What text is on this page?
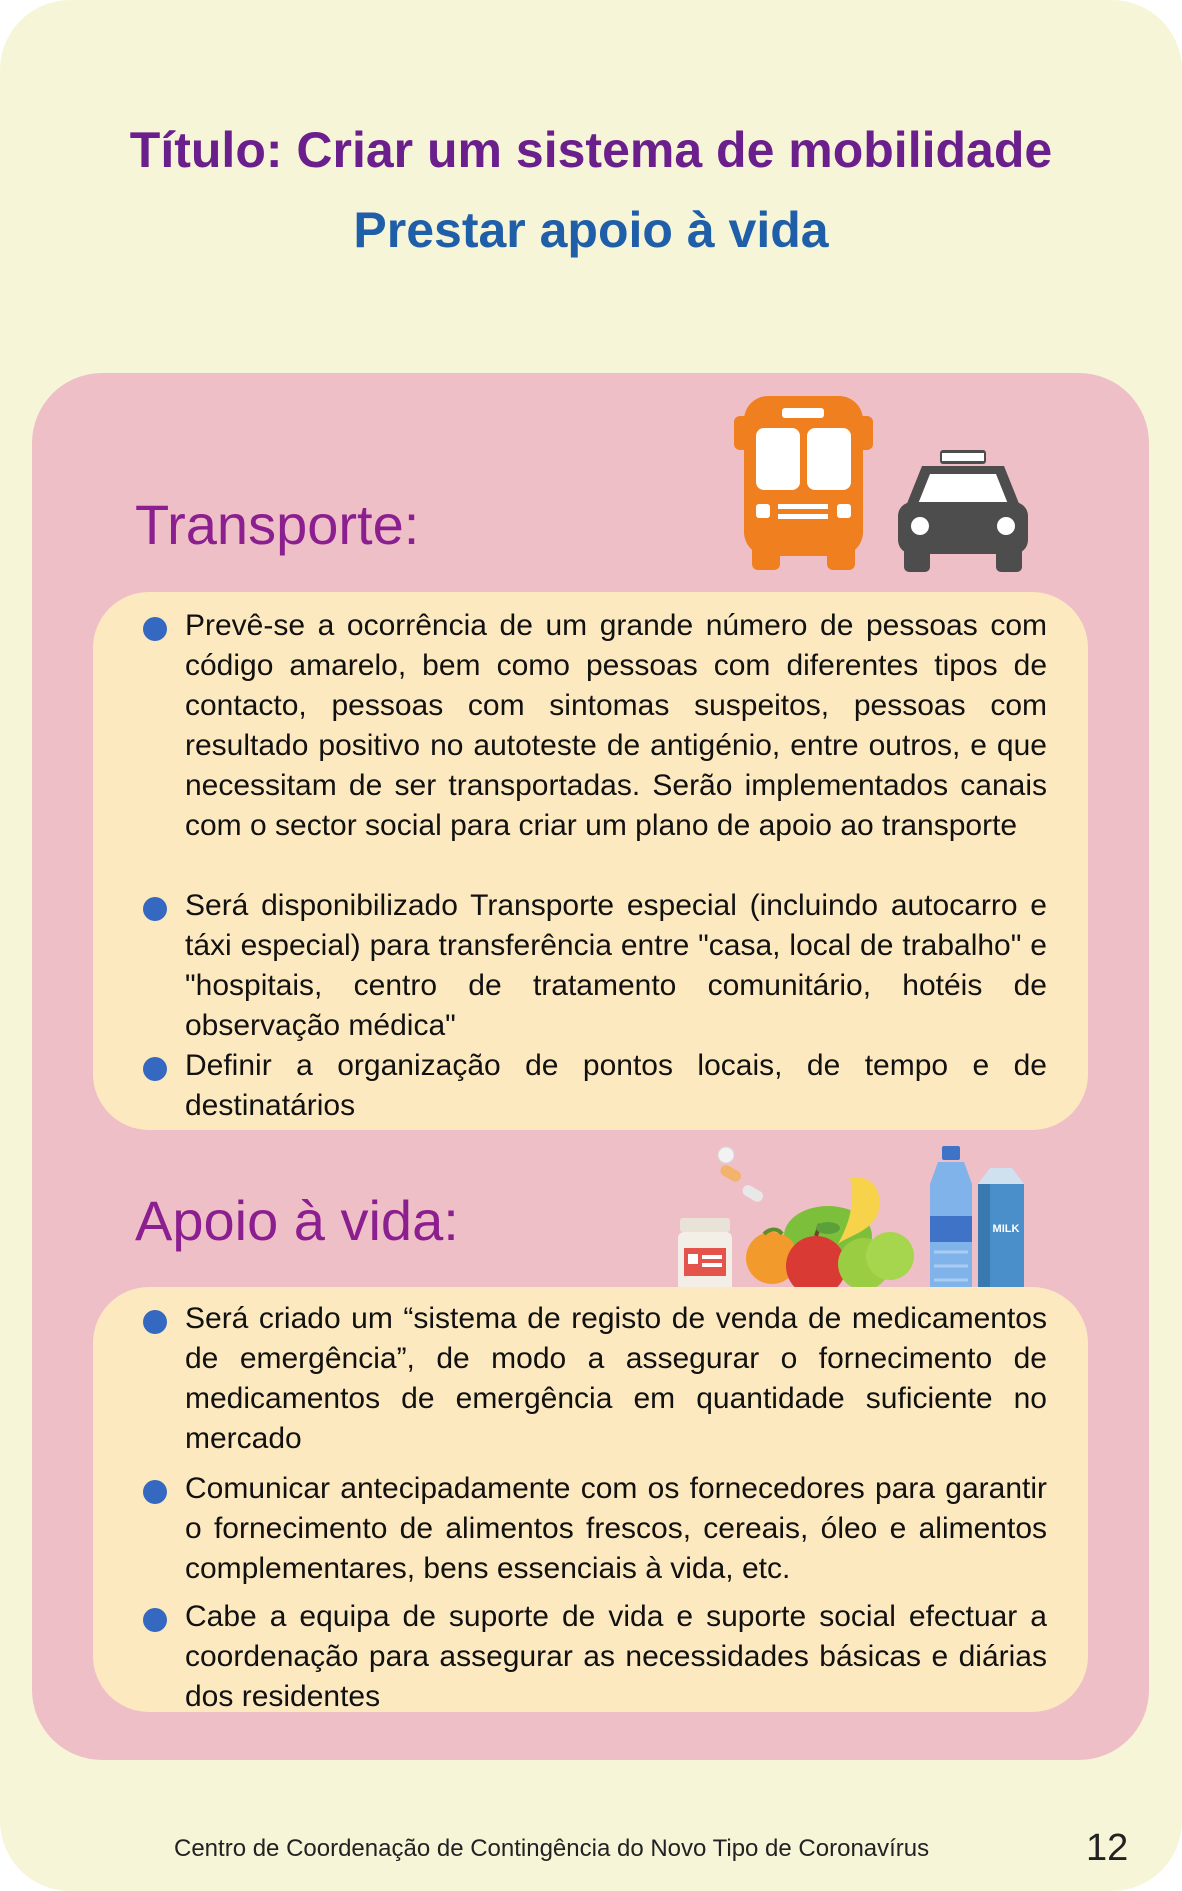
Título: Criar um sistema de mobilidade
Prestar apoio à vida
Transporte:
Prevê-se a ocorrência de um grande número de pessoas com código amarelo, bem como pessoas com diferentes tipos de contacto, pessoas com sintomas suspeitos, pessoas com resultado positivo no autoteste de antigénio, entre outros, e que necessitam de ser transportadas. Serão implementados canais com o sector social para criar um plano de apoio ao transporte
Será disponibilizado Transporte especial (incluindo autocarro e táxi especial) para transferência entre "casa, local de trabalho" e "hospitais, centro de tratamento comunitário, hotéis de observação médica"
Definir a organização de pontos locais, de tempo e de destinatários
Apoio à vida:	MILK
Será criado um “sistema de registo de venda de medicamentos de emergência”, de modo a assegurar o fornecimento de medicamentos de emergência em quantidade suficiente no mercado
Comunicar antecipadamente com os fornecedores para garantir o fornecimento de alimentos frescos, cereais, óleo e alimentos complementares, bens essenciais à vida, etc.
Cabe a equipa de suporte de vida e suporte social efectuar a coordenação para assegurar as necessidades básicas e diárias dos residentes
Centro de Coordenação de Contingência do Novo Tipo de Coronavírus	12
